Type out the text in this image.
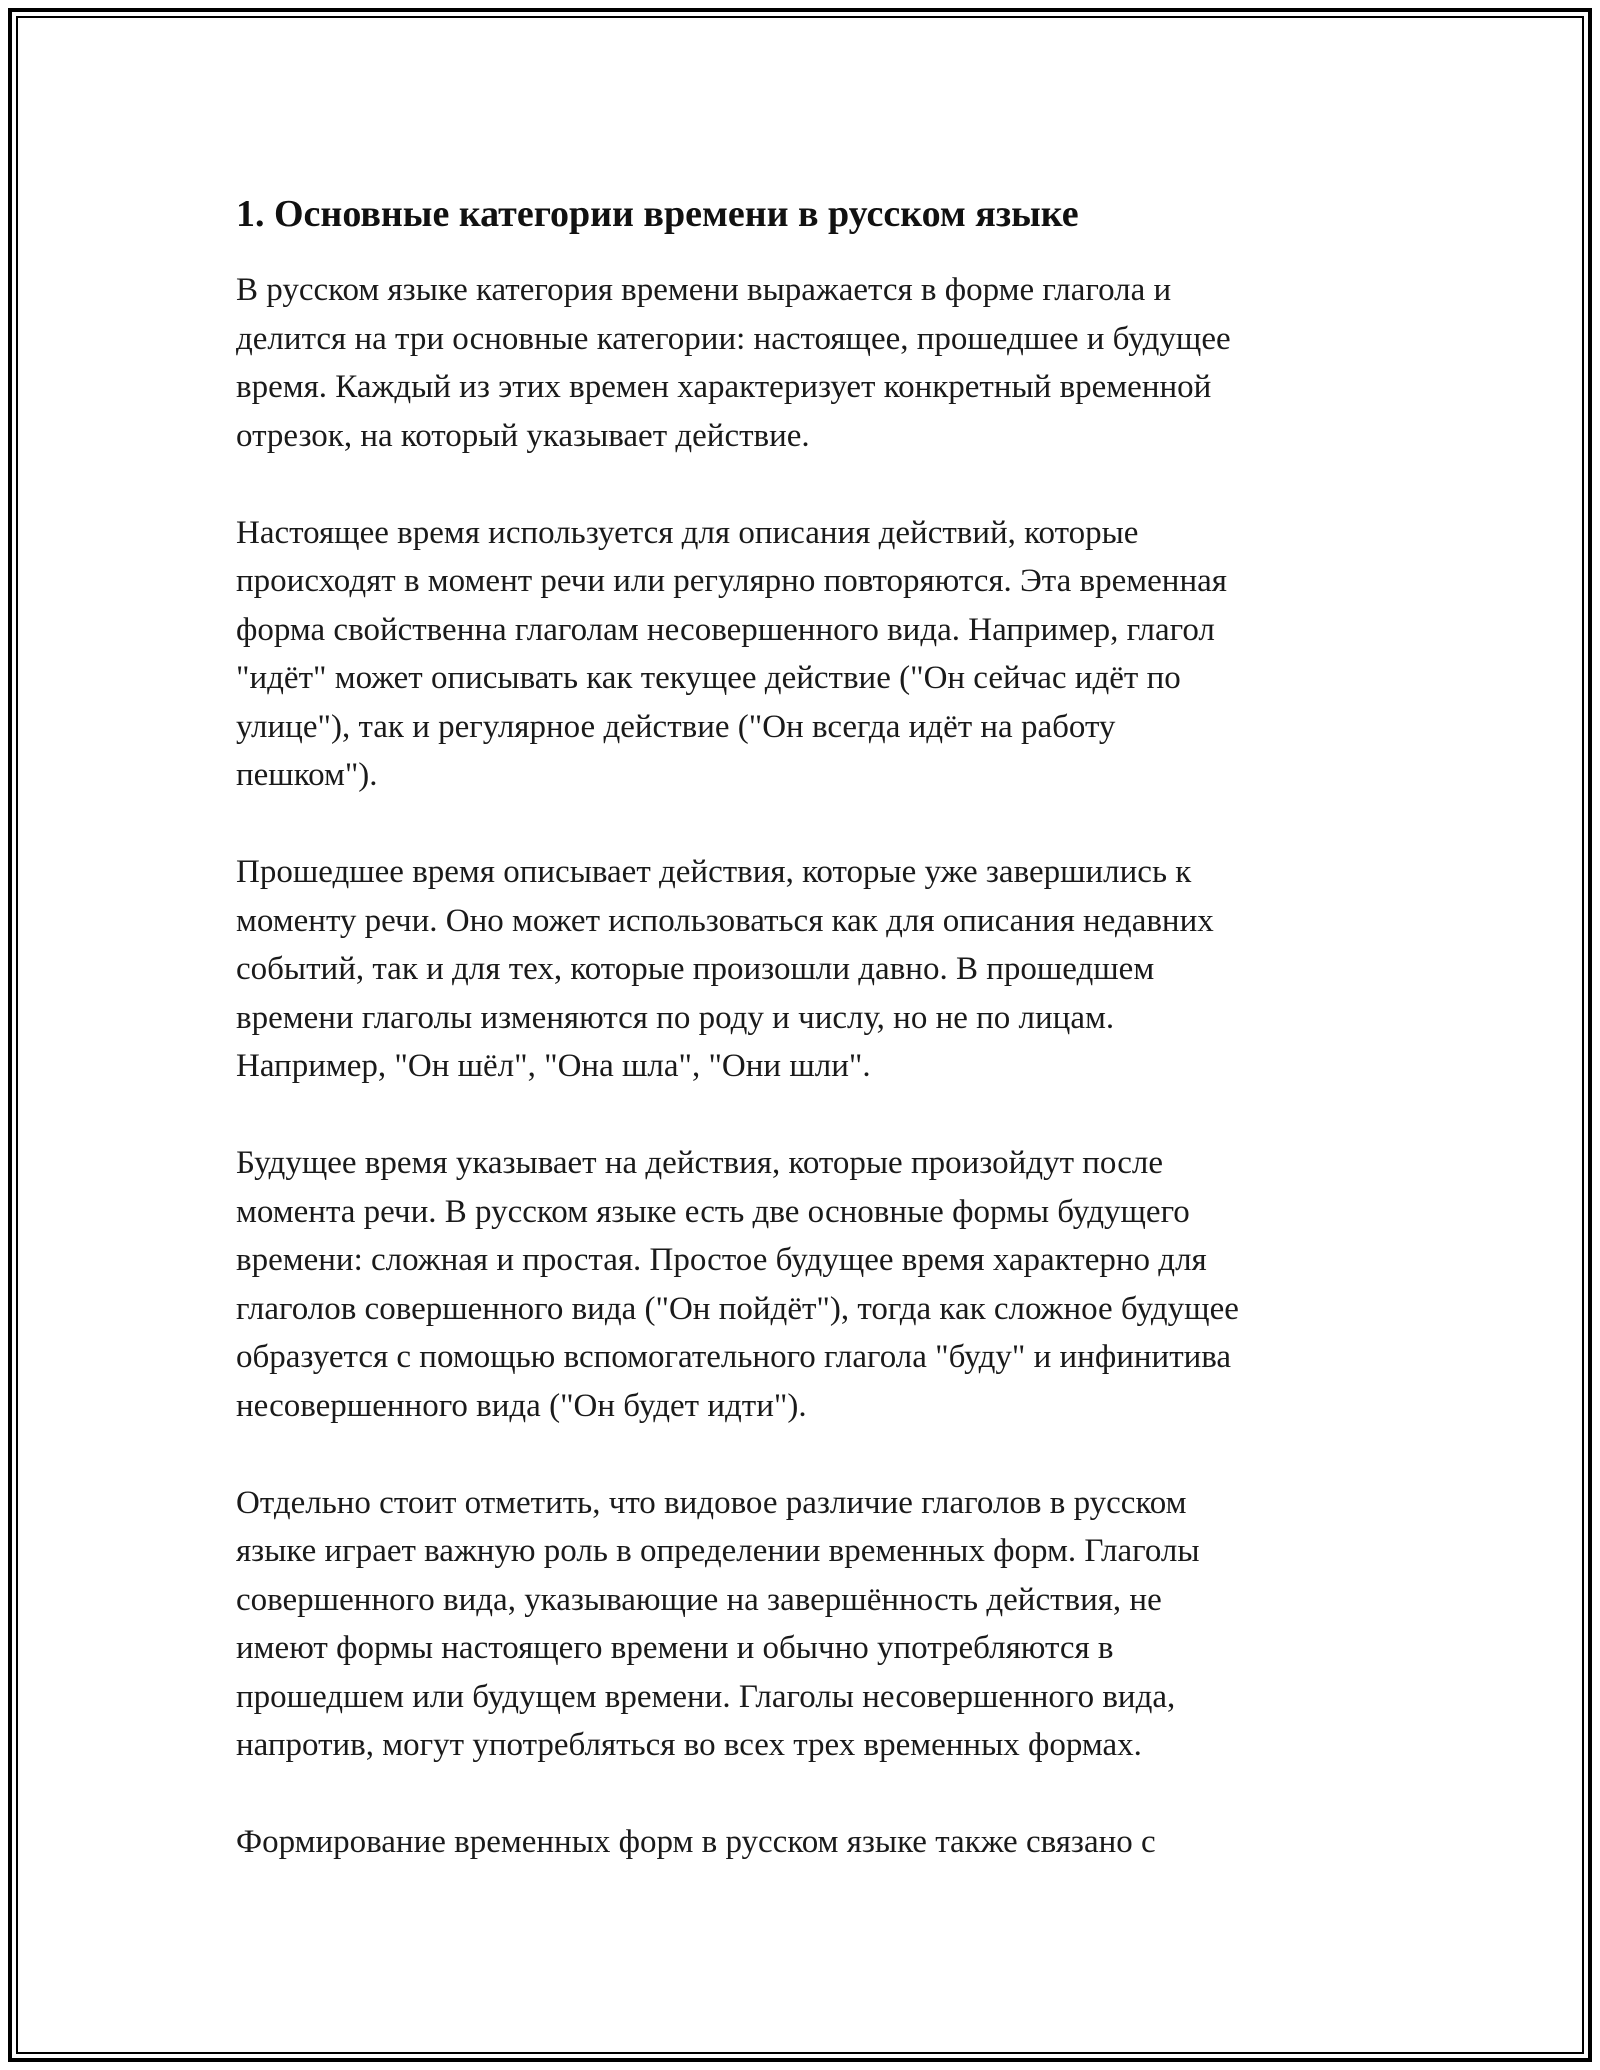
1. Основные категории времени в русском языке

В русском языке категория времени выражается в форме глагола и
делится на три основные категории: настоящее, прошедшее и будущее
время. Каждый из этих времен характеризует конкретный временной
отрезок, на который указывает действие.

Настоящее время используется для описания действий, которые
происходят в момент речи или регулярно повторяются. Эта временная
форма свойственна глаголам несовершенного вида. Например, глагол
"идёт" может описывать как текущее действие ("Он сейчас идёт по
улице"), так и регулярное действие ("Он всегда идёт на работу
пешком").

Прошедшее время описывает действия, которые уже завершились к
моменту речи. Оно может использоваться как для описания недавних
событий, так и для тех, которые произошли давно. В прошедшем
времени глаголы изменяются по роду и числу, но не по лицам.
Например, "Он шёл", "Она шла", "Они шли".

Будущее время указывает на действия, которые произойдут после
момента речи. В русском языке есть две основные формы будущего
времени: сложная и простая. Простое будущее время характерно для
глаголов совершенного вида ("Он пойдёт"), тогда как сложное будущее
образуется с помощью вспомогательного глагола "буду" и инфинитива
несовершенного вида ("Он будет идти").

Отдельно стоит отметить, что видовое различие глаголов в русском
языке играет важную роль в определении временных форм. Глаголы
совершенного вида, указывающие на завершённость действия, не
имеют формы настоящего времени и обычно употребляются в
прошедшем или будущем времени. Глаголы несовершенного вида,
напротив, могут употребляться во всех трех временных формах.

Формирование временных форм в русском языке также связано с
